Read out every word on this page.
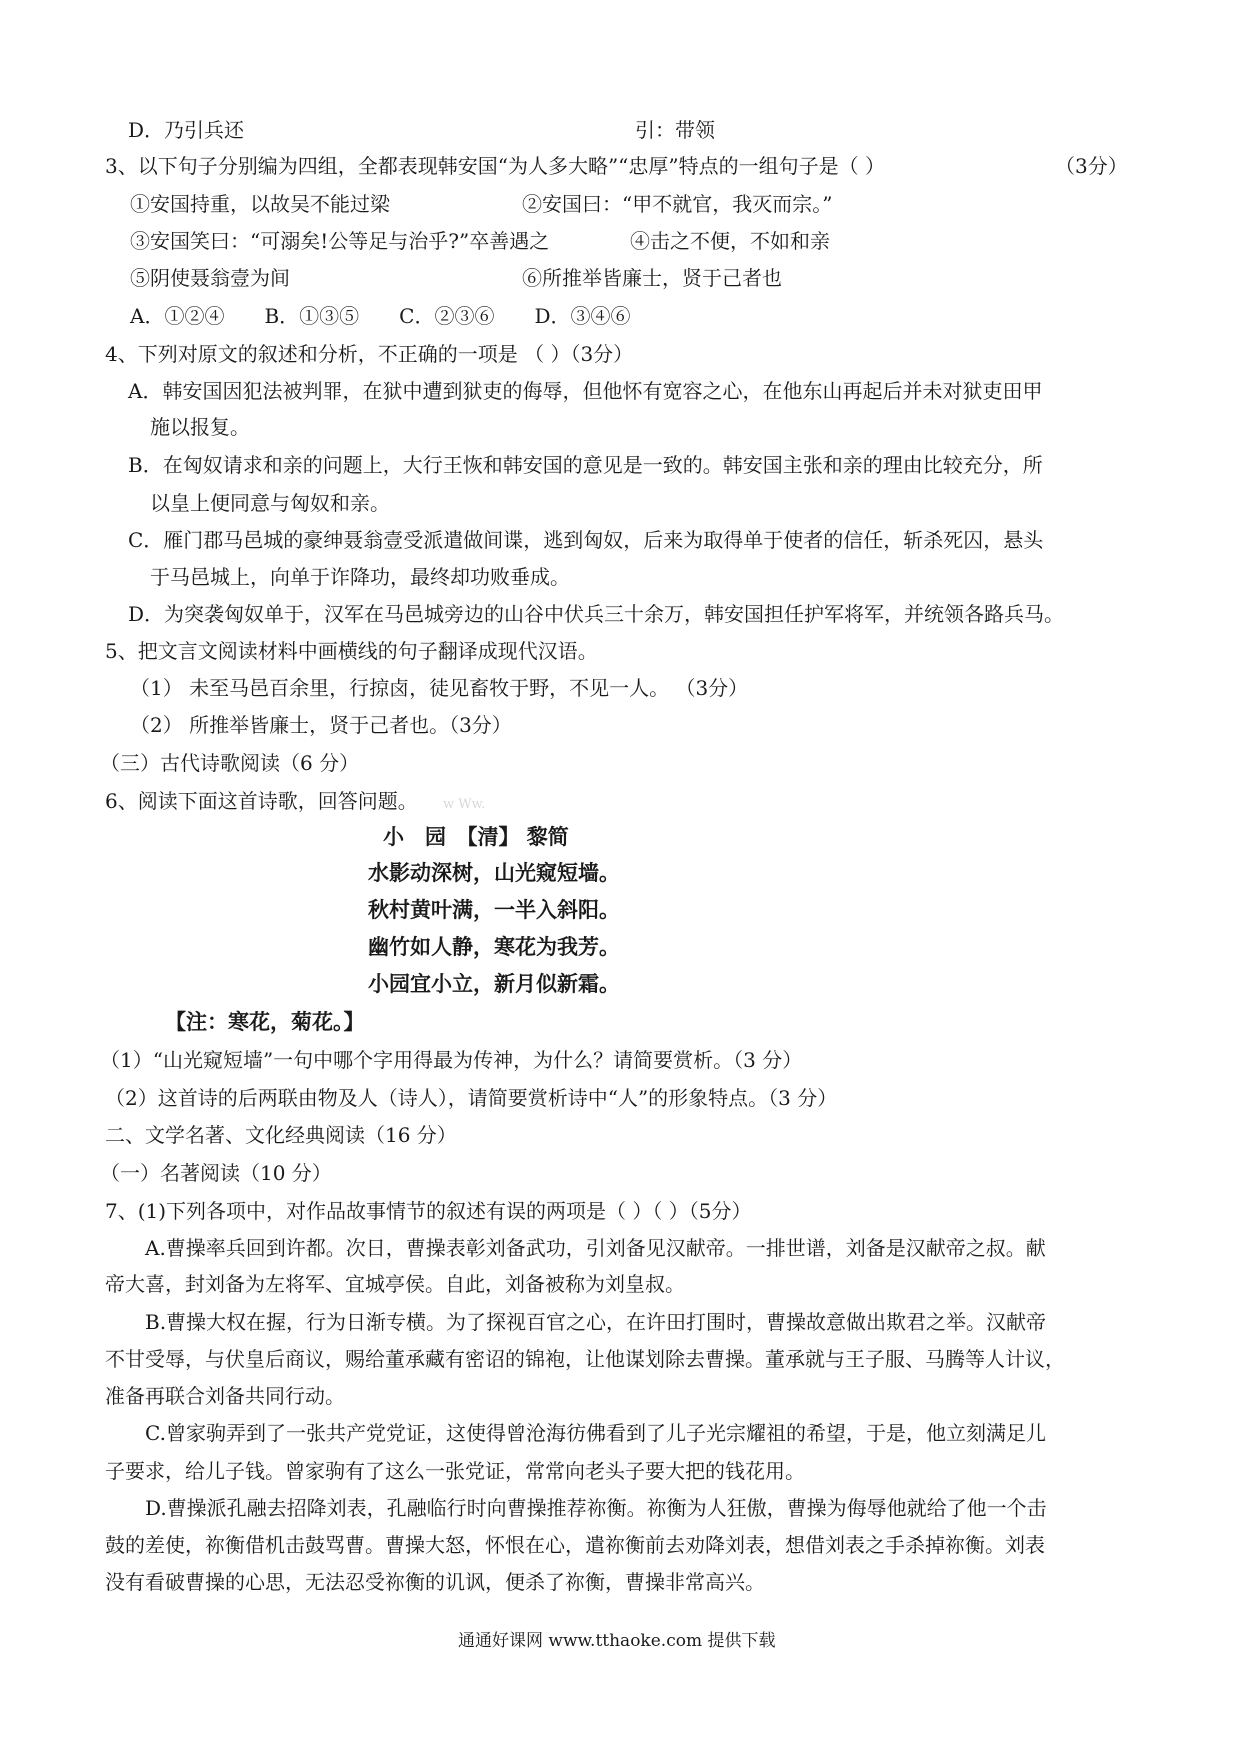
D．乃引兵还	引：带领
3、以下句子分别编为四组，全都表现韩安国“为人多大略”“忠厚”特点的一组句子是（ ）	（3分）
①安国持重，以故吴不能过梁	②安国曰：“甲不就官，我灭而宗。”
③安国笑曰：“可溺矣!公等足与治乎?”卒善遇之	④击之不便，不如和亲
⑤阴使聂翁壹为间	⑥所推举皆廉士，贤于己者也
A．①②④　　B．①③⑤　　C．②③⑥　　D．③④⑥
4、下列对原文的叙述和分析，不正确的一项是 （ ）（3分）
A．韩安国因犯法被判罪，在狱中遭到狱吏的侮辱，但他怀有宽容之心，在他东山再起后并未对狱吏田甲
施以报复。
B．在匈奴请求和亲的问题上，大行王恢和韩安国的意见是一致的。韩安国主张和亲的理由比较充分，所
以皇上便同意与匈奴和亲。
C．雁门郡马邑城的豪绅聂翁壹受派遣做间谍，逃到匈奴，后来为取得单于使者的信任，斩杀死囚，悬头
于马邑城上，向单于诈降功，最终却功败垂成。
D．为突袭匈奴单于，汉军在马邑城旁边的山谷中伏兵三十余万，韩安国担任护军将军，并统领各路兵马。
5、把文言文阅读材料中画横线的句子翻译成现代汉语。
（1） 未至马邑百余里，行掠卤，徒见畜牧于野，不见一人。 （3分）
（2） 所推举皆廉士，贤于己者也。（3分）
（三）古代诗歌阅读（6 分）
6、阅读下面这首诗歌，回答问题。 w Ww.
小　园　【清】 黎简
水影动深树，山光窥短墙。
秋村黄叶满，一半入斜阳。
幽竹如人静，寒花为我芳。
小园宜小立，新月似新霜。
【注：寒花，菊花。】
（1）“山光窥短墙”一句中哪个字用得最为传神，为什么？请简要赏析。（3 分）
（2）这首诗的后两联由物及人（诗人），请简要赏析诗中“人”的形象特点。（3 分）
二、文学名著、文化经典阅读（16 分）
（一）名著阅读（10 分）
7、(1)下列各项中，对作品故事情节的叙述有误的两项是（ ）（ ）（5分）
A.曹操率兵回到许都。次日，曹操表彰刘备武功，引刘备见汉献帝。一排世谱，刘备是汉献帝之叔。献
帝大喜，封刘备为左将军、宜城亭侯。自此，刘备被称为刘皇叔。
B.曹操大权在握，行为日渐专横。为了探视百官之心，在许田打围时，曹操故意做出欺君之举。汉献帝
不甘受辱，与伏皇后商议，赐给董承藏有密诏的锦袍，让他谋划除去曹操。董承就与王子服、马腾等人计议，
准备再联合刘备共同行动。
C.曾家驹弄到了一张共产党党证，这使得曾沧海彷佛看到了儿子光宗耀祖的希望，于是，他立刻满足儿
子要求，给儿子钱。曾家驹有了这么一张党证，常常向老头子要大把的钱花用。
D.曹操派孔融去招降刘表，孔融临行时向曹操推荐祢衡。祢衡为人狂傲，曹操为侮辱他就给了他一个击
鼓的差使，祢衡借机击鼓骂曹。曹操大怒，怀恨在心，遣祢衡前去劝降刘表，想借刘表之手杀掉祢衡。刘表
没有看破曹操的心思，无法忍受祢衡的讥讽，便杀了祢衡，曹操非常高兴。
通通好课网 www.tthaoke.com 提供下载
